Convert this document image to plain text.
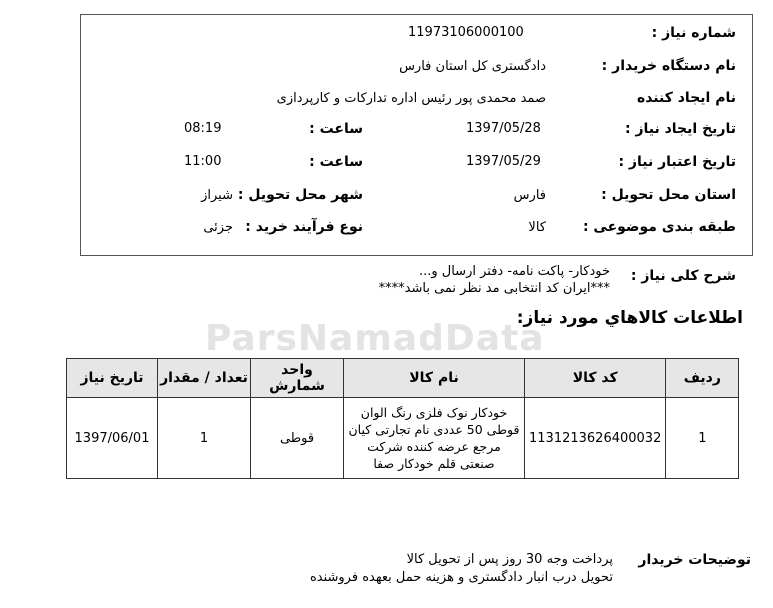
ParsNamadData
شماره نیاز :
11973106000100
نام دستگاه خریدار :
دادگستری کل استان فارس
نام ایجاد کننده
صمد محمدی پور رئیس اداره تدارکات و کارپردازی
تاریخ ایجاد نیاز :
1397/05/28
ساعت :
08:19
تاریخ اعتبار نیاز :
1397/05/29
ساعت :
11:00
استان محل تحویل :
فارس
شهر محل تحویل :
شیراز
طبقه بندی موضوعی :
کالا
نوع فرآیند خرید :
جزئی
شرح کلی نیاز :
خودکار- پاکت نامه- دفتر ارسال و...
***ایران کد انتخابی مد نظر نمی باشد****
اطلاعات كالاهاي مورد نياز:
ردیف	کد کالا	نام کالا	واحد شمارش	تعداد / مقدار	تاریخ نیاز
1	1131213626400032	خودکار نوک فلزی رنگ الوان قوطی 50 عددی نام تجارتی کیان مرجع عرضه کننده شرکت صنعتی قلم خودکار صفا	قوطی	1	1397/06/01
توضیحات خریدار
پرداخت وجه 30 روز پس از تحویل کالا
تحویل درب انبار دادگستری و هزینه حمل بعهده فروشنده
